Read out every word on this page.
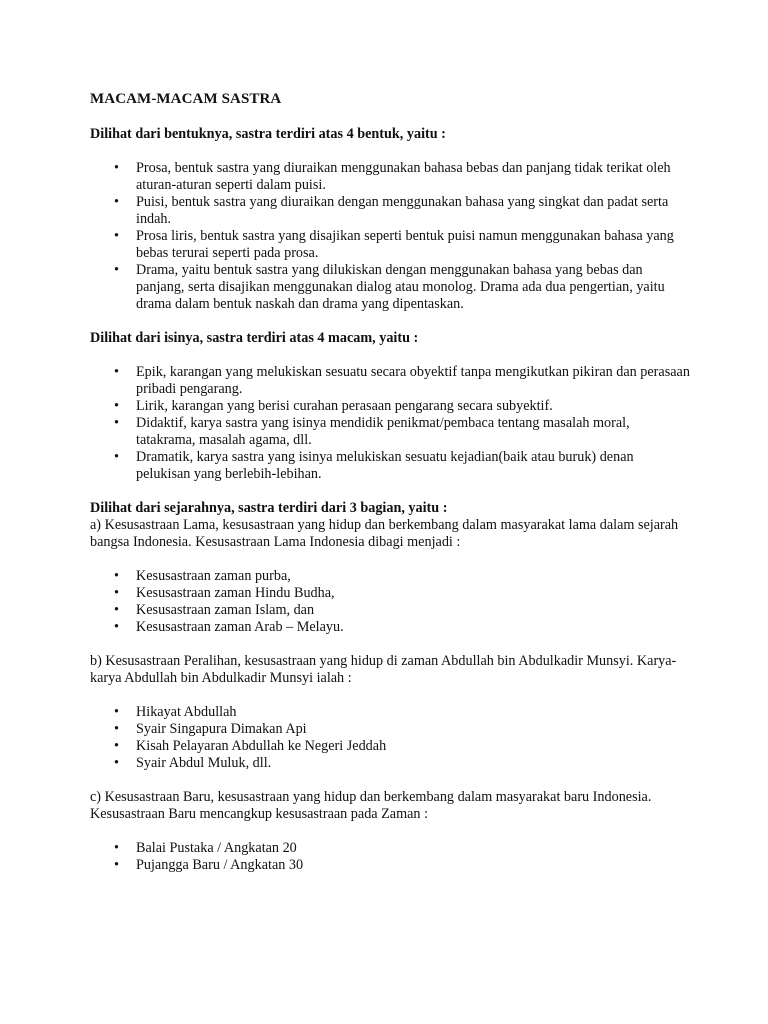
MACAM-MACAM SASTRA

Dilihat dari bentuknya, sastra terdiri atas 4 bentuk, yaitu :

• Prosa, bentuk sastra yang diuraikan menggunakan bahasa bebas dan panjang tidak terikat oleh aturan-aturan seperti dalam puisi.
• Puisi, bentuk sastra yang diuraikan dengan menggunakan bahasa yang singkat dan padat serta indah.
• Prosa liris, bentuk sastra yang disajikan seperti bentuk puisi namun menggunakan bahasa yang bebas terurai seperti pada prosa.
• Drama, yaitu bentuk sastra yang dilukiskan dengan menggunakan bahasa yang bebas dan panjang, serta disajikan menggunakan dialog atau monolog. Drama ada dua pengertian, yaitu drama dalam bentuk naskah dan drama yang dipentaskan.

Dilihat dari isinya, sastra terdiri atas 4 macam, yaitu :

• Epik, karangan yang melukiskan sesuatu secara obyektif tanpa mengikutkan pikiran dan perasaan pribadi pengarang.
• Lirik, karangan yang berisi curahan perasaan pengarang secara subyektif.
• Didaktif, karya sastra yang isinya mendidik penikmat/pembaca tentang masalah moral, tatakrama, masalah agama, dll.
• Dramatik, karya sastra yang isinya melukiskan sesuatu kejadian(baik atau buruk) denan pelukisan yang berlebih-lebihan.

Dilihat dari sejarahnya, sastra terdiri dari 3 bagian, yaitu :

a) Kesusastraan Lama, kesusastraan yang hidup dan berkembang dalam masyarakat lama dalam sejarah bangsa Indonesia. Kesusastraan Lama Indonesia dibagi menjadi :

• Kesusastraan zaman purba,
• Kesusastraan zaman Hindu Budha,
• Kesusastraan zaman Islam, dan
• Kesusastraan zaman Arab – Melayu.

b) Kesusastraan Peralihan, kesusastraan yang hidup di zaman Abdullah bin Abdulkadir Munsyi. Karya-karya Abdullah bin Abdulkadir Munsyi ialah :

• Hikayat Abdullah
• Syair Singapura Dimakan Api
• Kisah Pelayaran Abdullah ke Negeri Jeddah
• Syair Abdul Muluk, dll.

c) Kesusastraan Baru, kesusastraan yang hidup dan berkembang dalam masyarakat baru Indonesia. Kesusastraan Baru mencangkup kesusastraan pada Zaman :

• Balai Pustaka / Angkatan 20
• Pujangga Baru / Angkatan 30
